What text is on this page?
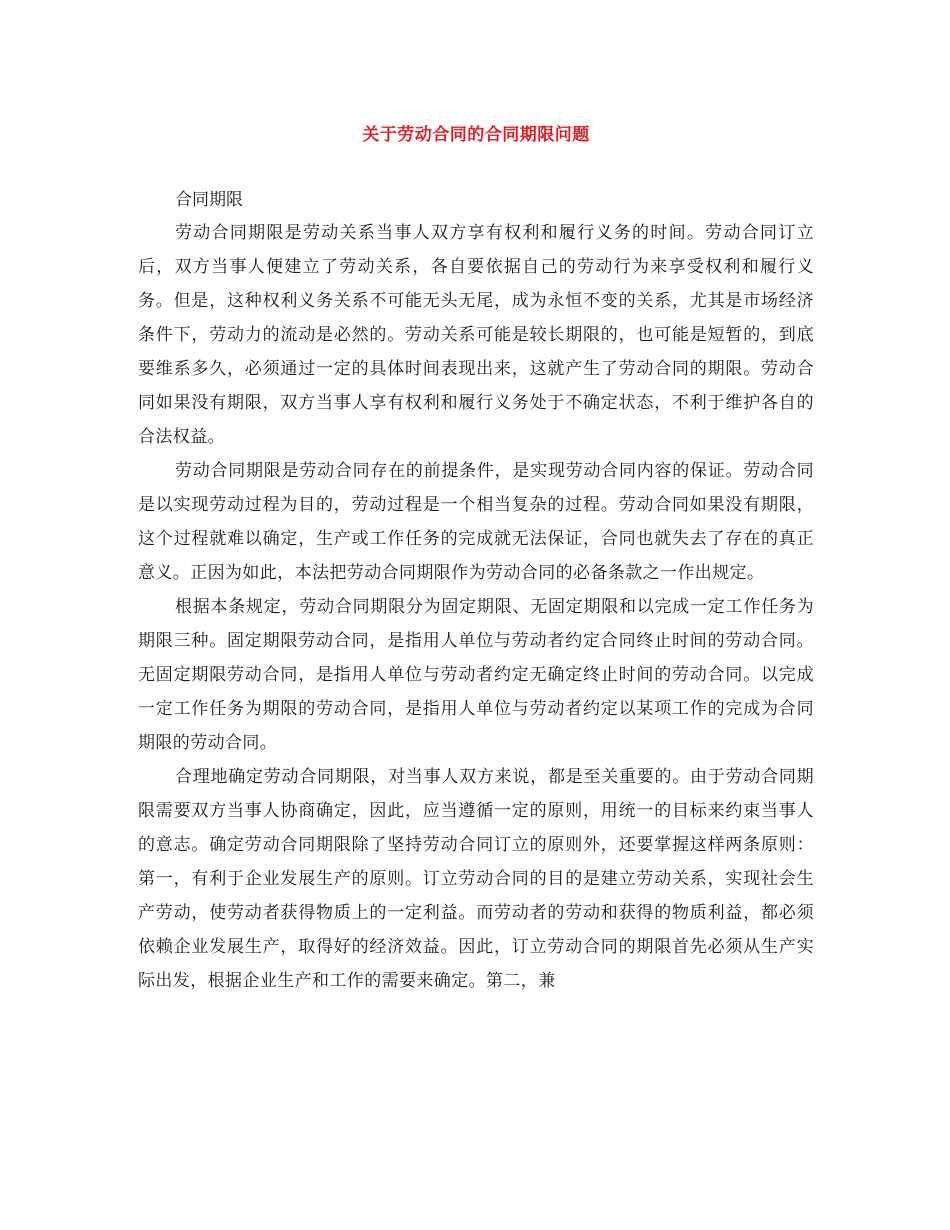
关于劳动合同的合同期限问题

合同期限

劳动合同期限是劳动关系当事人双方享有权利和履行义务的时间。劳动合同订立后，双方当事人便建立了劳动关系，各自要依据自己的劳动行为来享受权利和履行义务。但是，这种权利义务关系不可能无头无尾，成为永恒不变的关系，尤其是市场经济条件下，劳动力的流动是必然的。劳动关系可能是较长期限的，也可能是短暂的，到底要维系多久，必须通过一定的具体时间表现出来，这就产生了劳动合同的期限。劳动合同如果没有期限，双方当事人享有权利和履行义务处于不确定状态，不利于维护各自的合法权益。

劳动合同期限是劳动合同存在的前提条件，是实现劳动合同内容的保证。劳动合同是以实现劳动过程为目的，劳动过程是一个相当复杂的过程。劳动合同如果没有期限，这个过程就难以确定，生产或工作任务的完成就无法保证，合同也就失去了存在的真正意义。正因为如此，本法把劳动合同期限作为劳动合同的必备条款之一作出规定。

根据本条规定，劳动合同期限分为固定期限、无固定期限和以完成一定工作任务为期限三种。固定期限劳动合同，是指用人单位与劳动者约定合同终止时间的劳动合同。无固定期限劳动合同，是指用人单位与劳动者约定无确定终止时间的劳动合同。以完成一定工作任务为期限的劳动合同，是指用人单位与劳动者约定以某项工作的完成为合同期限的劳动合同。

合理地确定劳动合同期限，对当事人双方来说，都是至关重要的。由于劳动合同期限需要双方当事人协商确定，因此，应当遵循一定的原则，用统一的目标来约束当事人的意志。确定劳动合同期限除了坚持劳动合同订立的原则外，还要掌握这样两条原则：第一，有利于企业发展生产的原则。订立劳动合同的目的是建立劳动关系，实现社会生产劳动，使劳动者获得物质上的一定利益。而劳动者的劳动和获得的物质利益，都必须依赖企业发展生产，取得好的经济效益。因此，订立劳动合同的期限首先必须从生产实际出发，根据企业生产和工作的需要来确定。第二，兼
